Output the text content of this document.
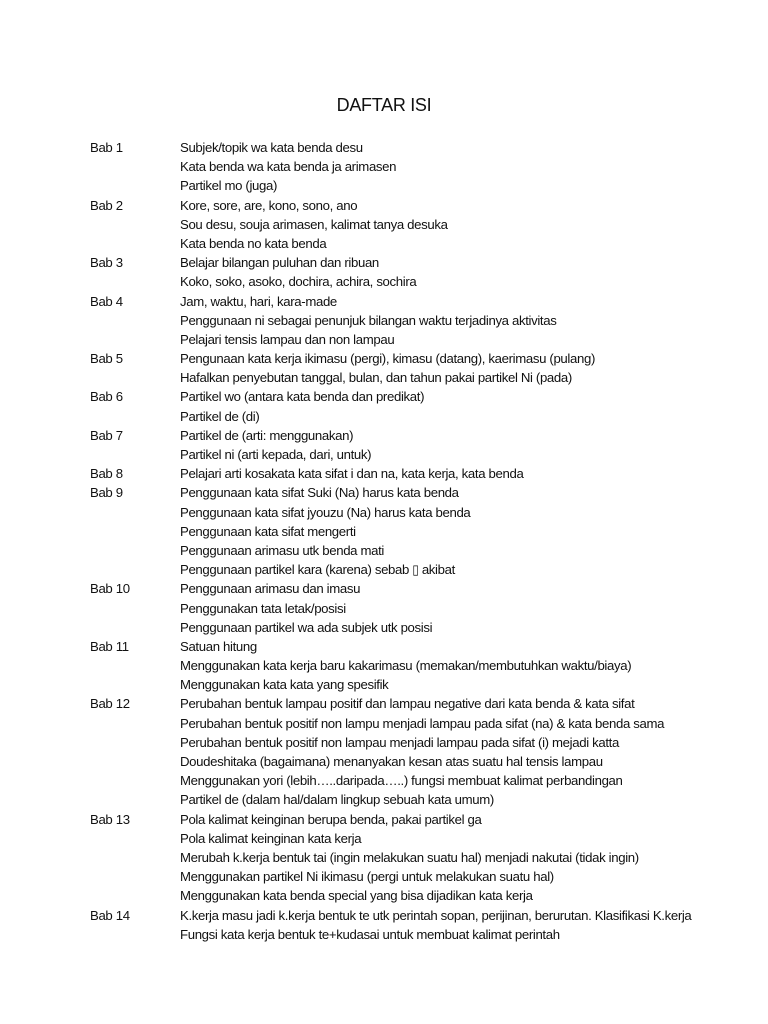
DAFTAR ISI
Bab 1	Subjek/topik wa kata benda desu
Kata benda wa kata benda ja arimasen
Partikel mo (juga)
Bab 2	Kore, sore, are, kono, sono, ano
Sou desu, souja arimasen, kalimat tanya desuka
Kata benda no kata benda
Bab 3	Belajar bilangan puluhan dan ribuan
Koko, soko, asoko, dochira, achira, sochira
Bab 4	Jam, waktu, hari, kara-made
Penggunaan ni sebagai penunjuk bilangan waktu terjadinya aktivitas
Pelajari tensis lampau dan non lampau
Bab 5	Pengunaan kata kerja ikimasu (pergi), kimasu (datang), kaerimasu (pulang)
Hafalkan penyebutan tanggal, bulan, dan tahun pakai partikel Ni (pada)
Bab 6	Partikel wo (antara kata benda dan predikat)
Partikel de (di)
Bab 7	Partikel de (arti: menggunakan)
Partikel ni (arti kepada, dari, untuk)
Bab 8	Pelajari arti kosakata kata sifat i dan na, kata kerja, kata benda
Bab 9	Penggunaan kata sifat Suki (Na) harus kata benda
Penggunaan kata sifat jyouzu (Na) harus kata benda
Penggunaan kata sifat mengerti
Penggunaan arimasu utk benda mati
Penggunaan partikel kara (karena) sebab ▯ akibat
Bab 10	Penggunaan arimasu dan imasu
Penggunakan tata letak/posisi
Penggunaan partikel wa ada subjek utk posisi
Bab 11	Satuan hitung
Menggunakan kata kerja baru kakarimasu (memakan/membutuhkan waktu/biaya)
Menggunakan kata kata yang spesifik
Bab 12	Perubahan bentuk lampau positif dan lampau negative dari kata benda & kata sifat
Perubahan bentuk positif non lampu menjadi lampau pada sifat (na) & kata benda sama
Perubahan bentuk positif non lampau menjadi lampau pada sifat (i) mejadi katta
Doudeshitaka (bagaimana) menanyakan kesan atas suatu hal tensis lampau
Menggunakan yori (lebih…..daripada…..) fungsi membuat kalimat perbandingan
Partikel de (dalam hal/dalam lingkup sebuah kata umum)
Bab 13	Pola kalimat keinginan berupa benda, pakai partikel ga
Pola kalimat keinginan kata kerja
Merubah k.kerja bentuk tai (ingin melakukan suatu hal) menjadi nakutai (tidak ingin)
Menggunakan partikel Ni ikimasu (pergi untuk melakukan suatu hal)
Menggunakan kata benda special yang bisa dijadikan kata kerja
Bab 14	K.kerja masu jadi k.kerja bentuk te utk perintah sopan, perijinan, berurutan. Klasifikasi K.kerja
Fungsi kata kerja bentuk te+kudasai untuk membuat kalimat perintah
